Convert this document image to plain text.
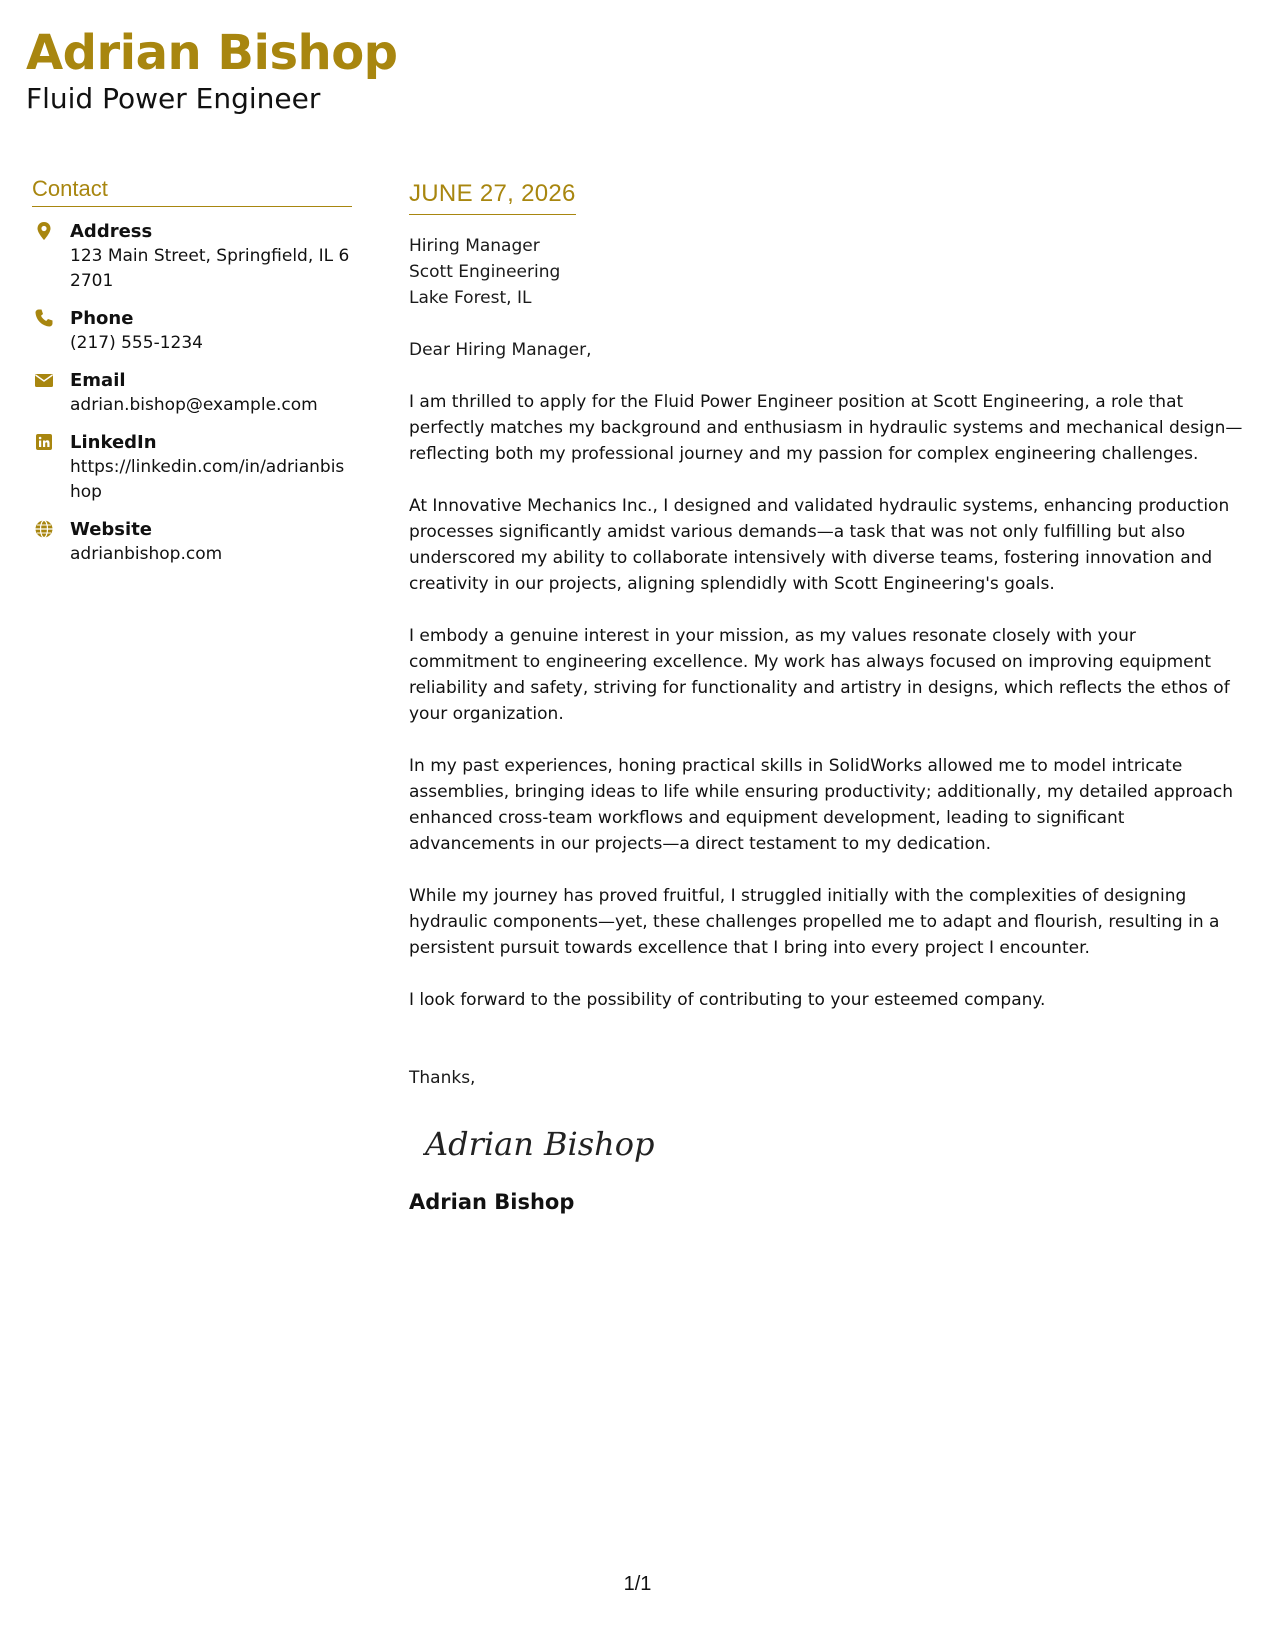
Adrian Bishop
Fluid Power Engineer
Contact
Address
123 Main Street, Springfield, IL 62701
Phone
(217) 555-1234
Email
adrian.bishop@example.com
LinkedIn
https://linkedin.com/in/adrianbishop
Website
adrianbishop.com
JUNE 27, 2026
Hiring Manager
Scott Engineering
Lake Forest, IL
Dear Hiring Manager,
I am thrilled to apply for the Fluid Power Engineer position at Scott Engineering, a role that perfectly matches my background and enthusiasm in hydraulic systems and mechanical design—reflecting both my professional journey and my passion for complex engineering challenges.
At Innovative Mechanics Inc., I designed and validated hydraulic systems, enhancing production processes significantly amidst various demands—a task that was not only fulfilling but also underscored my ability to collaborate intensively with diverse teams, fostering innovation and creativity in our projects, aligning splendidly with Scott Engineering's goals.
I embody a genuine interest in your mission, as my values resonate closely with your commitment to engineering excellence. My work has always focused on improving equipment reliability and safety, striving for functionality and artistry in designs, which reflects the ethos of your organization.
In my past experiences, honing practical skills in SolidWorks allowed me to model intricate assemblies, bringing ideas to life while ensuring productivity; additionally, my detailed approach enhanced cross-team workflows and equipment development, leading to significant advancements in our projects—a direct testament to my dedication.
While my journey has proved fruitful, I struggled initially with the complexities of designing hydraulic components—yet, these challenges propelled me to adapt and flourish, resulting in a persistent pursuit towards excellence that I bring into every project I encounter.
I look forward to the possibility of contributing to your esteemed company.
Thanks,
Adrian Bishop
Adrian Bishop
1/1
